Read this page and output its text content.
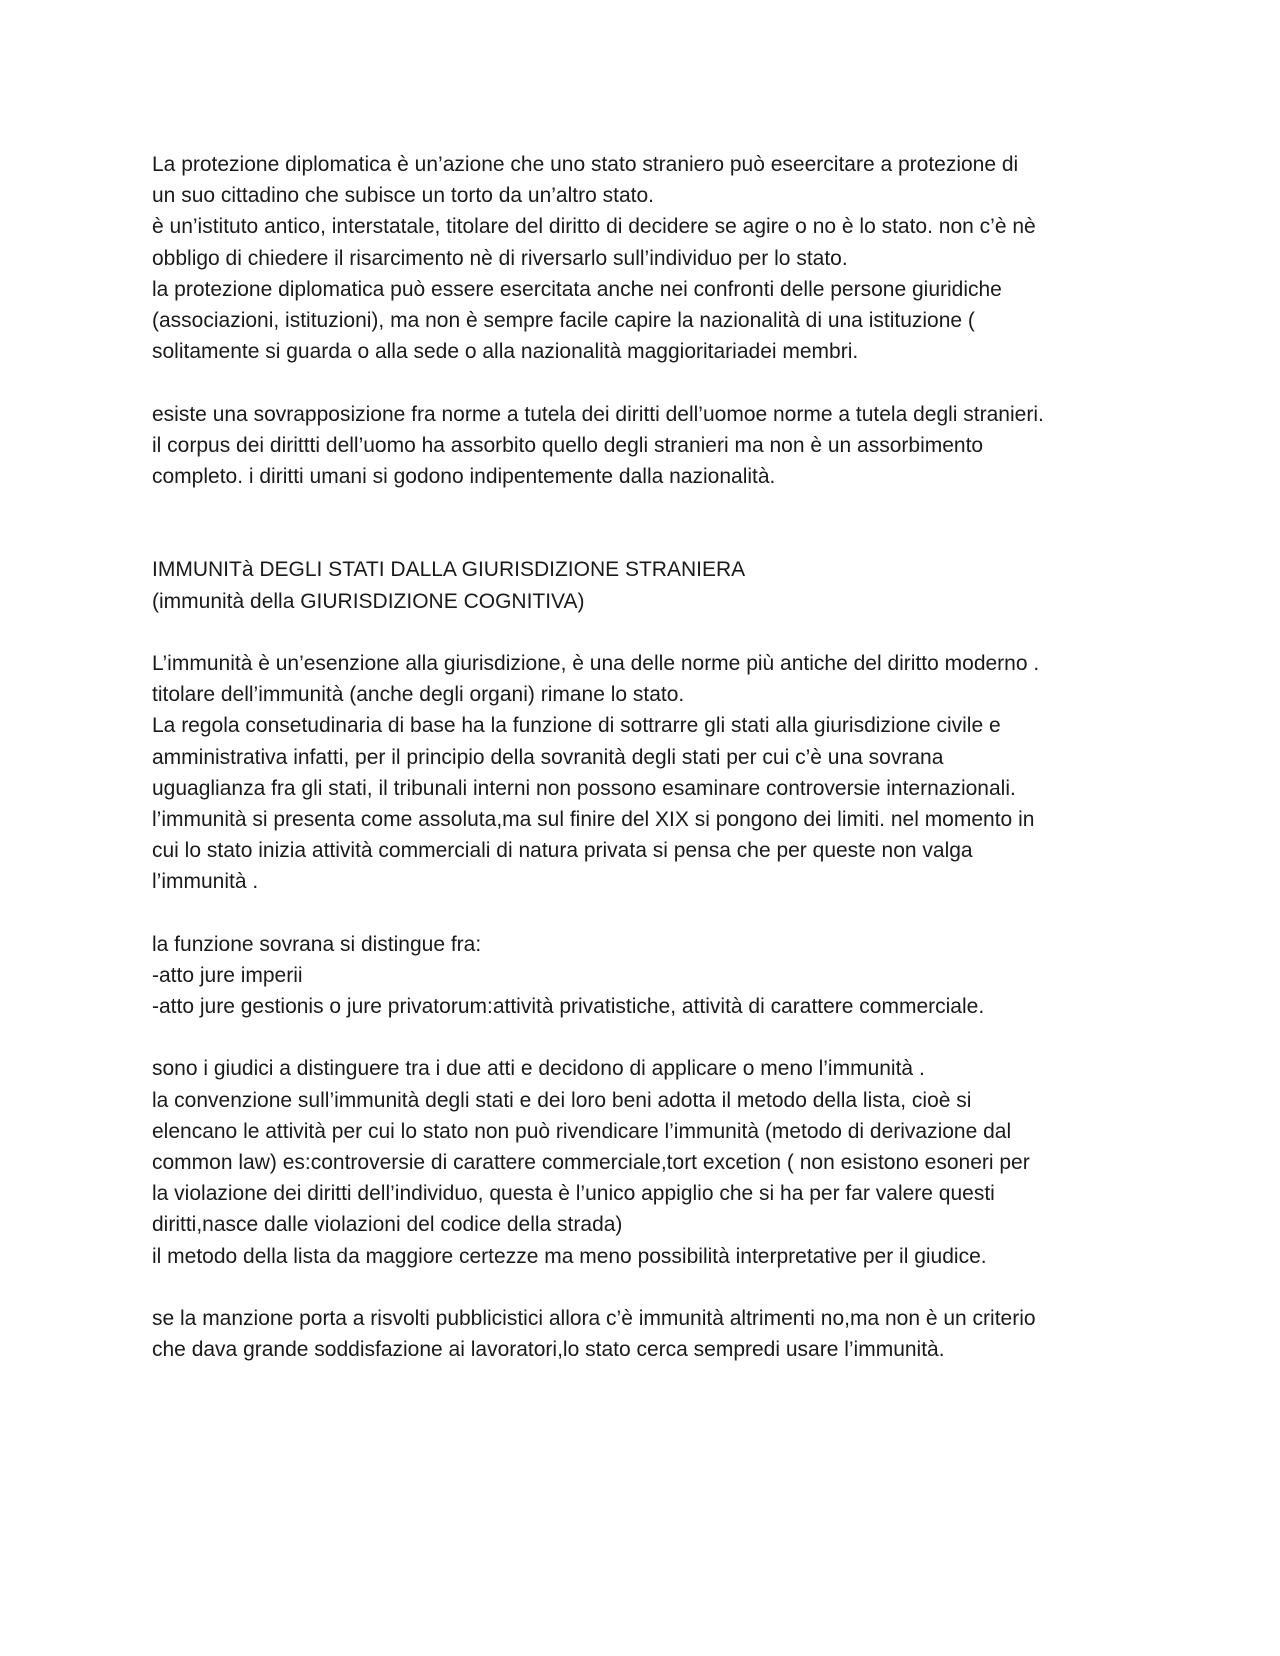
La protezione diplomatica è un’azione che uno stato straniero può eseercitare a protezione di
un suo cittadino che subisce un torto da un’altro stato.
è un’istituto antico, interstatale, titolare del diritto di decidere se agire o no è lo stato. non c’è nè
obbligo di chiedere il risarcimento nè di riversarlo sull’individuo per lo stato.
la protezione diplomatica può essere esercitata anche nei confronti delle persone giuridiche
(associazioni, istituzioni), ma non è sempre facile capire la nazionalità di una istituzione (
solitamente si guarda o alla sede o alla nazionalità maggioritariadei membri.
esiste una sovrapposizione fra norme a tutela dei diritti dell’uomoe norme a tutela degli stranieri.
il corpus dei dirittti dell’uomo ha assorbito quello degli stranieri ma non è un assorbimento
completo. i diritti umani si godono indipentemente dalla nazionalità.
IMMUNITà DEGLI STATI DALLA GIURISDIZIONE STRANIERA
(immunità della GIURISDIZIONE COGNITIVA)
L’immunità è un’esenzione alla giurisdizione, è una delle norme più antiche del diritto moderno .
titolare dell’immunità (anche degli organi) rimane lo stato.
La regola consetudinaria di base ha la funzione di sottrarre gli stati alla giurisdizione civile e
amministrativa infatti, per il principio della sovranità degli stati per cui c’è una sovrana
uguaglianza fra gli stati, il tribunali interni non possono esaminare controversie internazionali.
l’immunità si presenta come assoluta,ma sul finire del XIX si pongono dei limiti. nel momento in
cui lo stato inizia attività commerciali di natura privata si pensa che per queste non valga
l’immunità .
la funzione sovrana si distingue fra:
-atto jure imperii
-atto jure gestionis o jure privatorum:attività privatistiche, attività di carattere commerciale.
sono i giudici a distinguere tra i due atti e decidono di applicare o meno l’immunità .
la convenzione sull’immunità degli stati e dei loro beni adotta il metodo della lista, cioè si
elencano le attività per cui lo stato non può rivendicare l’immunità (metodo di derivazione dal
common law) es:controversie di carattere commerciale,tort excetion ( non esistono esoneri per
la violazione dei diritti dell’individuo, questa è l’unico appiglio che si ha per far valere questi
diritti,nasce dalle violazioni del codice della strada)
il metodo della lista da maggiore certezze ma meno possibilità interpretative per il giudice.
se la manzione porta a risvolti pubblicistici allora c’è immunità altrimenti no,ma non è un criterio
che dava grande soddisfazione ai lavoratori,lo stato cerca sempredi usare l’immunità.
